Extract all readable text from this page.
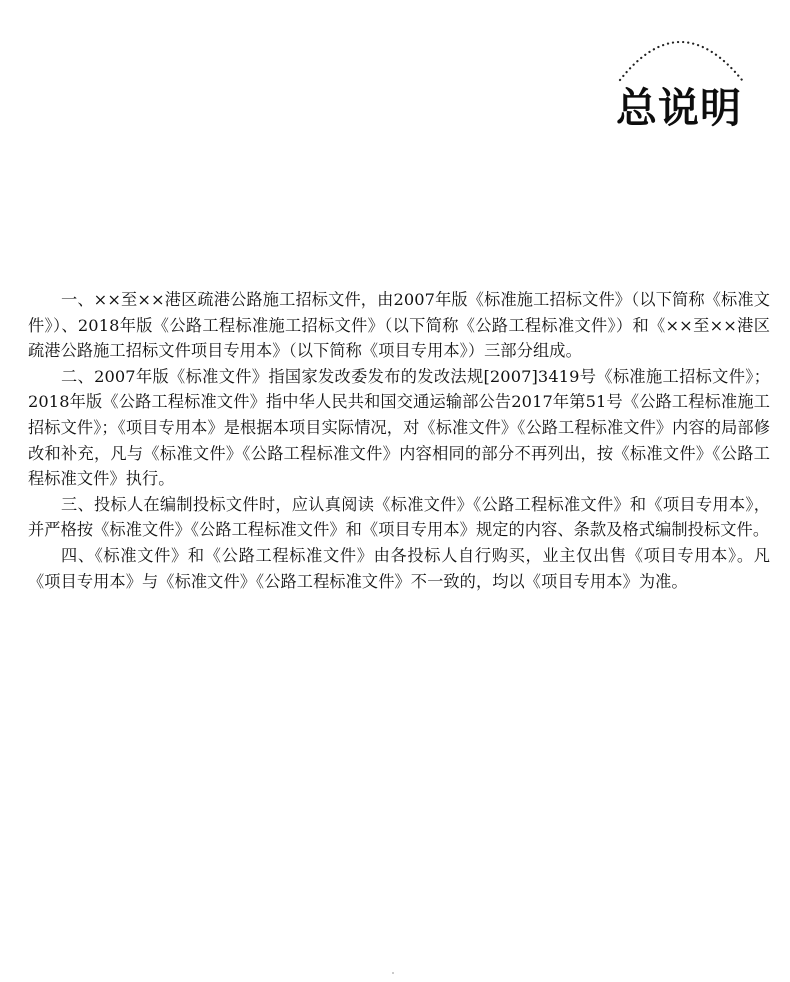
总说明

一、××至××港区疏港公路施工招标文件，由2007年版《标准施工招标文件》（以下简称《标准文件》）、2018年版《公路工程标准施工招标文件》（以下简称《公路工程标准文件》）和《××至××港区疏港公路施工招标文件项目专用本》（以下简称《项目专用本》）三部分组成。

二、2007年版《标准文件》指国家发改委发布的发改法规[2007]3419号《标准施工招标文件》；2018年版《公路工程标准文件》指中华人民共和国交通运输部公告2017年第51号《公路工程标准施工招标文件》；《项目专用本》是根据本项目实际情况，对《标准文件》《公路工程标准文件》内容的局部修改和补充，凡与《标准文件》《公路工程标准文件》内容相同的部分不再列出，按《标准文件》《公路工程标准文件》执行。

三、投标人在编制投标文件时，应认真阅读《标准文件》《公路工程标准文件》和《项目专用本》，并严格按《标准文件》《公路工程标准文件》和《项目专用本》规定的内容、条款及格式编制投标文件。

四、《标准文件》和《公路工程标准文件》由各投标人自行购买，业主仅出售《项目专用本》。凡《项目专用本》与《标准文件》《公路工程标准文件》不一致的，均以《项目专用本》为准。
